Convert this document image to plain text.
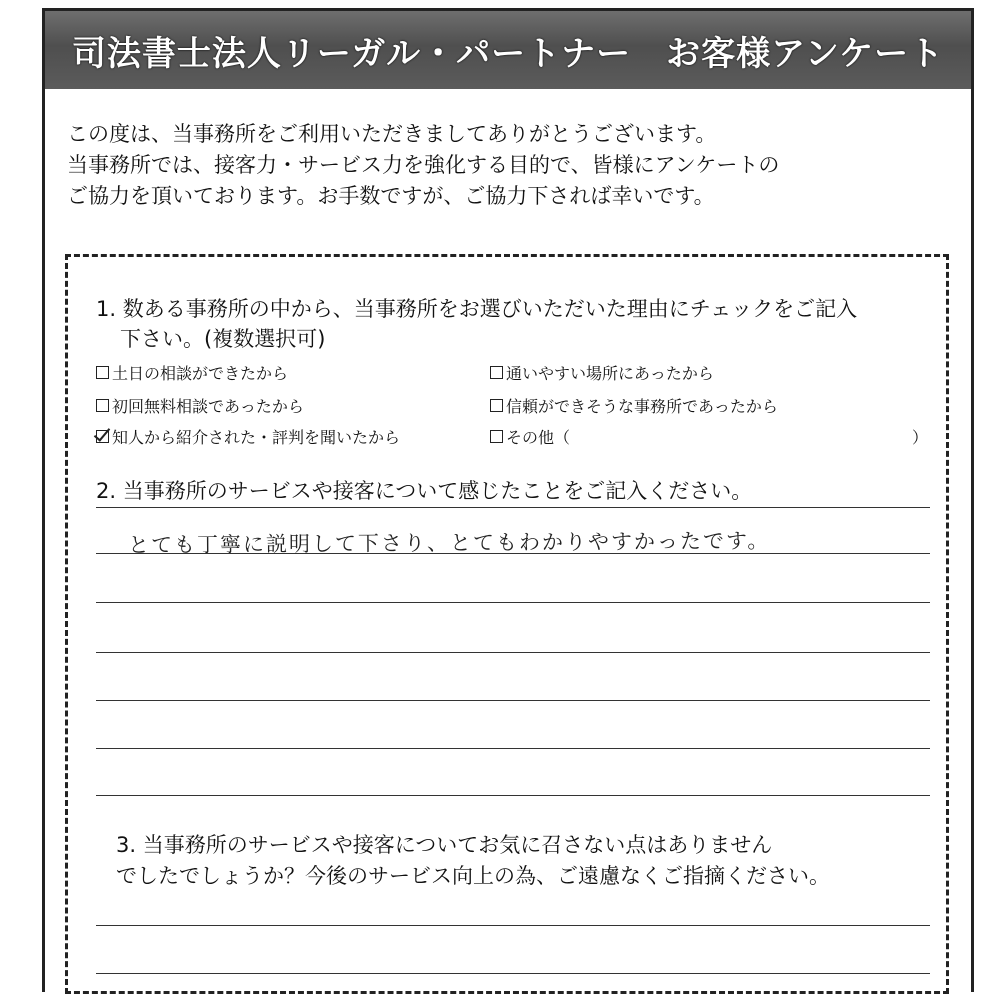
司法書士法人リーガル・パートナー　お客様アンケート
この度は、当事務所をご利用いただきましてありがとうございます。
当事務所では、接客力・サービス力を強化する目的で、皆様にアンケートの
ご協力を頂いております。お手数ですが、ご協力下されば幸いです。
1. 数ある事務所の中から、当事務所をお選びいただいた理由にチェックをご記入
下さい。(複数選択可)
土日の相談ができたから
初回無料相談であったから
知人から紹介された・評判を聞いたから
通いやすい場所にあったから
信頼ができそうな事務所であったから
その他（	）
2. 当事務所のサービスや接客について感じたことをご記入ください。
とても丁寧に説明して下さり、とてもわかりやすかったです。
3. 当事務所のサービスや接客についてお気に召さない点はありません
でしたでしょうか？今後のサービス向上の為、ご遠慮なくご指摘ください。
